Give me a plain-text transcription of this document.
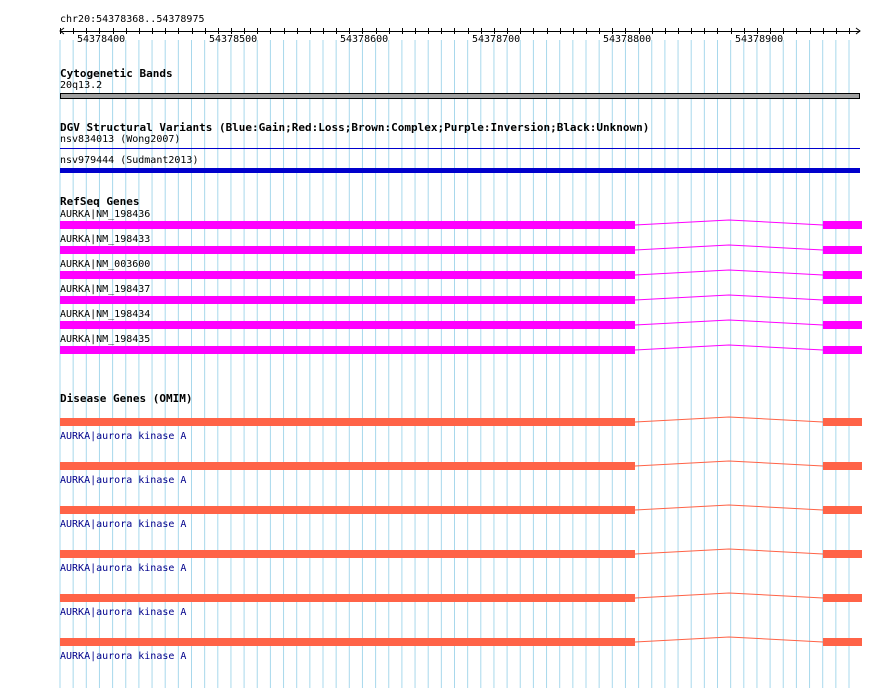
chr20:54378368..54378975
54378400	54378500	54378600	54378700	54378800	54378900
Cytogenetic Bands
20q13.2
DGV Structural Variants (Blue:Gain;Red:Loss;Brown:Complex;Purple:Inversion;Black:Unknown)
nsv834013 (Wong2007)
nsv979444 (Sudmant2013)
RefSeq Genes
AURKA|NM_198436
AURKA|NM_198433
AURKA|NM_003600
AURKA|NM_198437
AURKA|NM_198434
AURKA|NM_198435
Disease Genes (OMIM)
AURKA|aurora kinase A
AURKA|aurora kinase A
AURKA|aurora kinase A
AURKA|aurora kinase A
AURKA|aurora kinase A
AURKA|aurora kinase A
